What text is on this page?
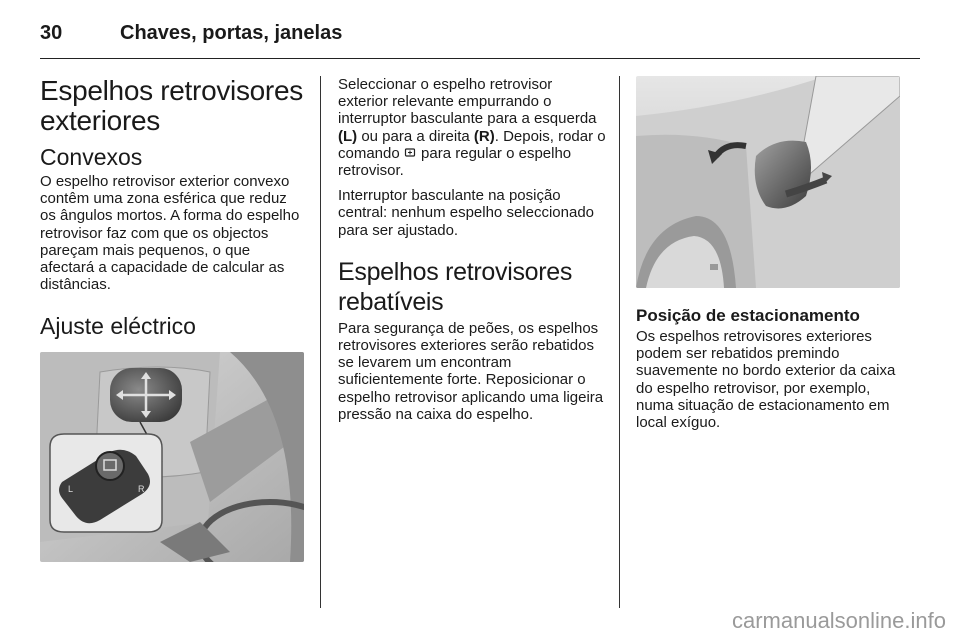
30	Chaves, portas, janelas
Espelhos retrovisores exteriores
Convexos

O espelho retrovisor exterior convexo contêm uma zona esférica que reduz os ângulos mortos. A forma do espelho retrovisor faz com que os objectos pareçam mais pequenos, o que afectará a capacidade de calcular as distâncias.

Ajuste eléctrico
L	R

Seleccionar o espelho retrovisor exterior relevante empurrando o interruptor basculante para a esquerda (L) ou para a direita (R). Depois, rodar o comando  para regular o espelho retrovisor.

Interruptor basculante na posição central: nenhum espelho seleccionado para ser ajustado.

Espelhos retrovisores rebatíveis

Para segurança de peões, os espelhos retrovisores exteriores serão rebatidos se levarem um encontram suficientemente forte. Reposicionar o espelho retrovisor aplicando uma ligeira pressão na caixa do espelho.

Posição de estacionamento

Os espelhos retrovisores exteriores podem ser rebatidos premindo suavemente no bordo exterior da caixa do espelho retrovisor, por exemplo, numa situação de estacionamento em local exíguo.

carmanualsonline.info
